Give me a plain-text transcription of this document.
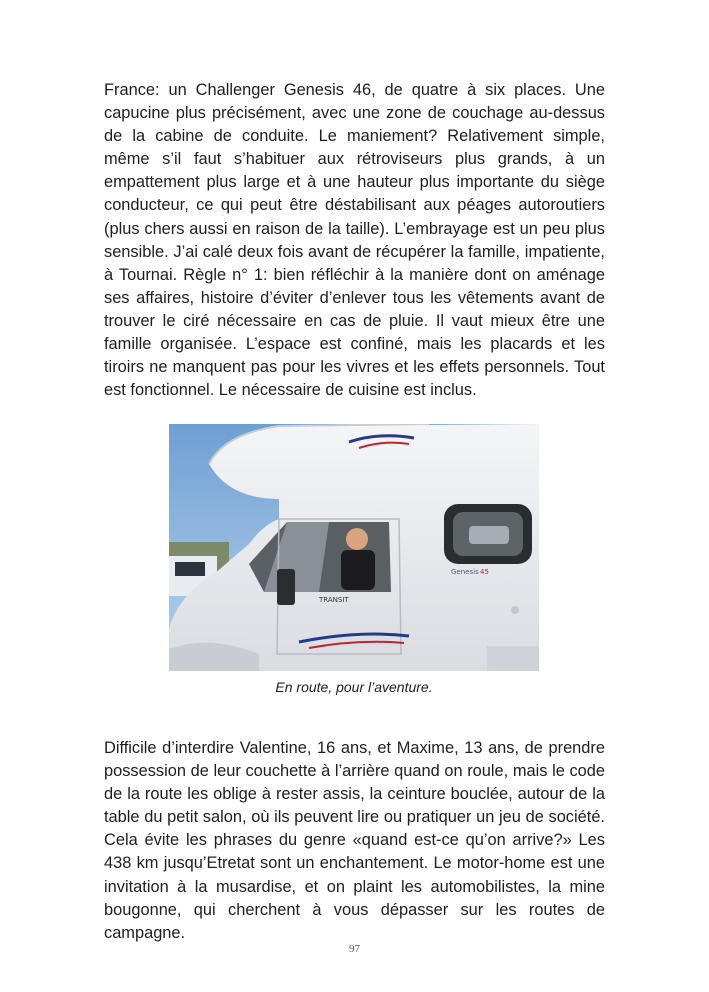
France: un Challenger Genesis 46, de quatre à six places. Une capucine plus précisément, avec une zone de couchage au-dessus de la cabine de conduite. Le maniement? Relativement simple, même s’il faut s’habituer aux rétroviseurs plus grands, à un empattement plus large et à une hauteur plus importante du siège conducteur, ce qui peut être déstabilisant aux péages autoroutiers (plus chers aussi en raison de la taille). L’embrayage est un peu plus sensible. J’ai calé deux fois avant de récupérer la famille, impatiente, à Tournai. Règle n° 1: bien réfléchir à la manière dont on aménage ses affaires, histoire d’éviter d’enlever tous les vêtements avant de trouver le ciré nécessaire en cas de pluie. Il vaut mieux être une famille organisée. L’espace est confiné, mais les placards et les tiroirs ne manquent pas pour les vivres et les effets personnels. Tout est fonctionnel. Le nécessaire de cuisine est inclus.

TRANSIT
Genesis 45
En route, pour l’aventure.

Difficile d’interdire Valentine, 16 ans, et Maxime, 13 ans, de prendre possession de leur couchette à l’arrière quand on roule, mais le code de la route les oblige à rester assis, la ceinture bouclée, autour de la table du petit salon, où ils peuvent lire ou pratiquer un jeu de société. Cela évite les phrases du genre «quand est-ce qu’on arrive?» Les 438 km jusqu’Etretat sont un enchantement. Le motor-home est une invitation à la musardise, et on plaint les automobilistes, la mine bougonne, qui cherchent à vous dépasser sur les routes de campagne.

97
